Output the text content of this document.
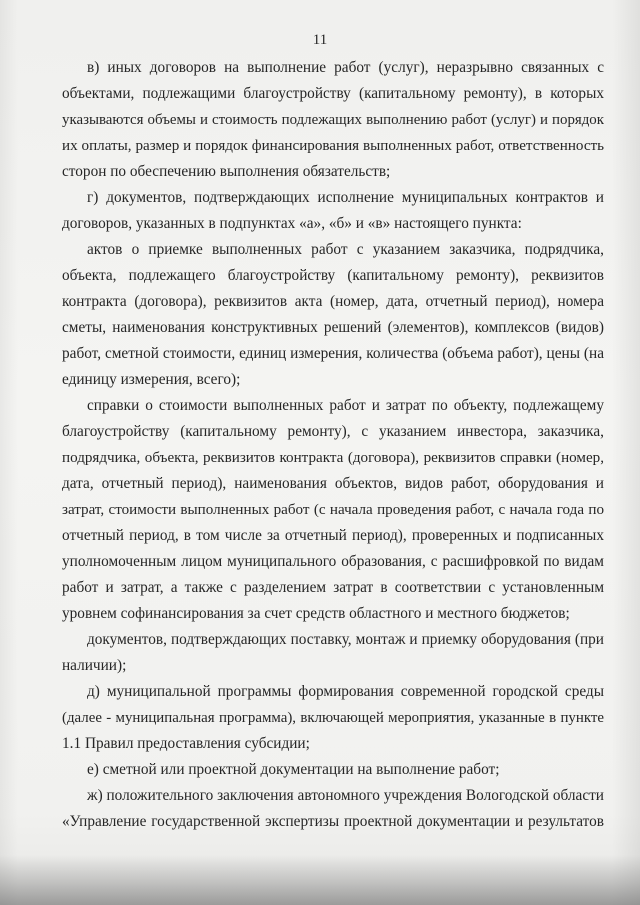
11
в) иных договоров на выполнение работ (услуг), неразрывно связанных с
объектами, подлежащими благоустройству (капитальному ремонту), в которых
указываются объемы и стоимость подлежащих выполнению работ (услуг) и порядок
их оплаты, размер и порядок финансирования выполненных работ, ответственность
сторон по обеспечению выполнения обязательств;
г) документов, подтверждающих исполнение муниципальных контрактов и
договоров, указанных в подпунктах «а», «б» и «в» настоящего пункта:
актов о приемке выполненных работ с указанием заказчика, подрядчика,
объекта, подлежащего благоустройству (капитальному ремонту), реквизитов
контракта (договора), реквизитов акта (номер, дата, отчетный период), номера
сметы, наименования конструктивных решений (элементов), комплексов (видов)
работ, сметной стоимости, единиц измерения, количества (объема работ), цены (на
единицу измерения, всего);
справки о стоимости выполненных работ и затрат по объекту, подлежащему
благоустройству (капитальному ремонту), с указанием инвестора, заказчика,
подрядчика, объекта, реквизитов контракта (договора), реквизитов справки (номер,
дата, отчетный период), наименования объектов, видов работ, оборудования и
затрат, стоимости выполненных работ (с начала проведения работ, с начала года по
отчетный период, в том числе за отчетный период), проверенных и подписанных
уполномоченным лицом муниципального образования, с расшифровкой по видам
работ и затрат, а также с разделением затрат в соответствии с установленным
уровнем софинансирования за счет средств областного и местного бюджетов;
документов, подтверждающих поставку, монтаж и приемку оборудования (при
наличии);
д) муниципальной программы формирования современной городской среды
(далее - муниципальная программа), включающей мероприятия, указанные в пункте
1.1 Правил предоставления субсидии;
е) сметной или проектной документации на выполнение работ;
ж) положительного заключения автономного учреждения Вологодской области
«Управление государственной экспертизы проектной документации и результатов
